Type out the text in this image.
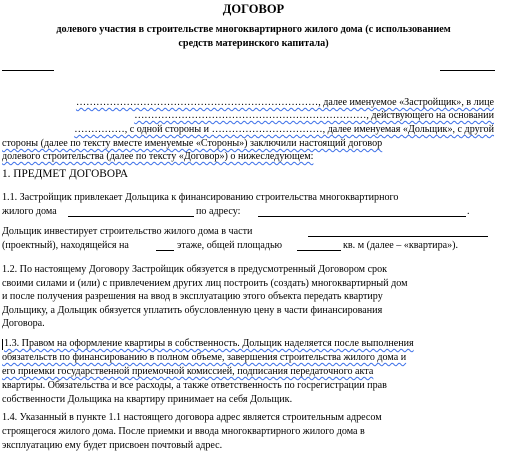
ДОГОВОР
долевого участия в строительстве многоквартирного жилого дома (с использованием
средств материнского капитала)
………………………………………………………………, далее именуемое «Застройщик», в лице
……………………………………………………………, действующего на основании
……………, с одной стороны и ……………………………, далее именуемая «Дольщик», с другой
стороны (далее по тексту вместе именуемые «Стороны») заключили настоящий договор
долевого строительства (далее по тексту «Договор») о нижеследующем:
1. ПРЕДМЕТ ДОГОВОРА
1.1. Застройщик привлекает Дольщика к финансированию строительства многоквартирного
жилого дома	по адресу:	.
Дольщик инвестирует строительство жилого дома в части
(проектный), находящейся на	этаже, общей площадью	кв. м (далее – «квартира»).
1.2. По настоящему Договору Застройщик обязуется в предусмотренный Договором срок
своими силами и (или) с привлечением других лиц построить (создать) многоквартирный дом
и после получения разрешения на ввод в эксплуатацию этого объекта передать квартиру
Дольщику, а Дольщик обязуется уплатить обусловленную цену в части финансирования
Договора.
1.3. Правом на оформление квартиры в собственность. Дольщик наделяется после выполнения
обязательств по финансированию в полном объеме, завершения строительства жилого дома и
его приемки государственной приемочной комиссией, подписания передаточного акта
квартиры. Обязательства и все расходы, а также ответственность по госрегистрации прав
собственности Дольщика на квартиру принимает на себя Дольщик.
1.4. Указанный в пункте 1.1 настоящего договора адрес является строительным адресом
строящегося жилого дома. После приемки и ввода многоквартирного жилого дома в
эксплуатацию ему будет присвоен почтовый адрес.
